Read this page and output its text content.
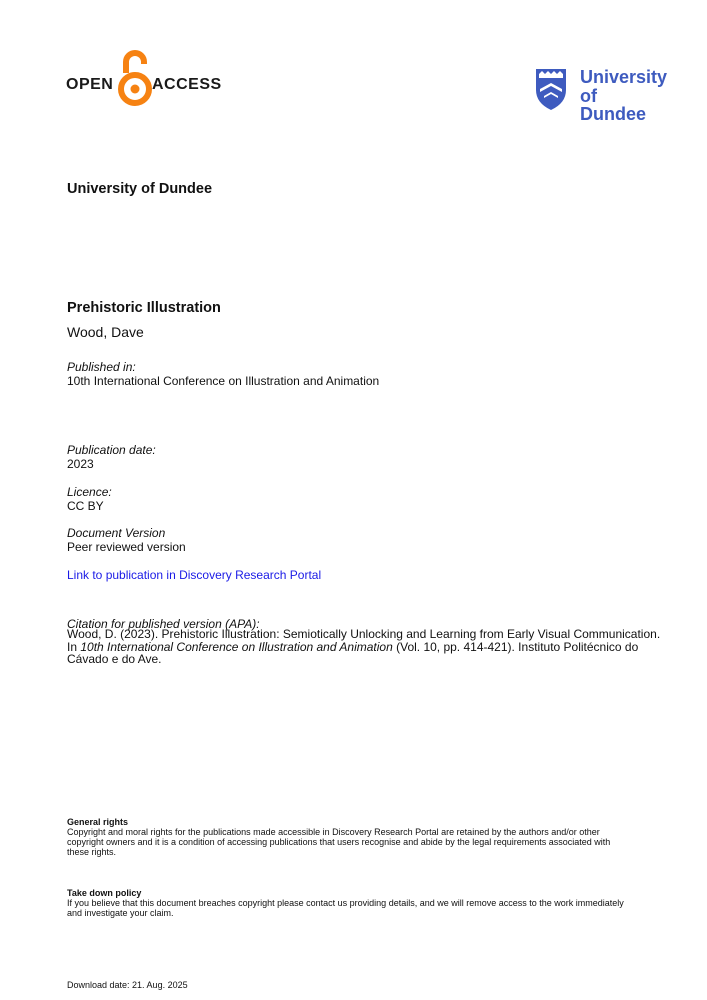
OPEN ACCESS	University
of Dundee
University of Dundee
Prehistoric Illustration
Wood, Dave
Published in:
10th International Conference on Illustration and Animation
Publication date:
2023
Licence:
CC BY
Document Version
Peer reviewed version
Link to publication in Discovery Research Portal
Citation for published version (APA):
Wood, D. (2023). Prehistoric Illustration: Semiotically Unlocking and Learning from Early Visual Communication.
In 10th International Conference on Illustration and Animation (Vol. 10, pp. 414-421). Instituto Politécnico do
Cávado e do Ave.
General rights
Copyright and moral rights for the publications made accessible in Discovery Research Portal are retained by the authors and/or other
copyright owners and it is a condition of accessing publications that users recognise and abide by the legal requirements associated with
these rights.
Take down policy
If you believe that this document breaches copyright please contact us providing details, and we will remove access to the work immediately
and investigate your claim.
Download date: 21. Aug. 2025
